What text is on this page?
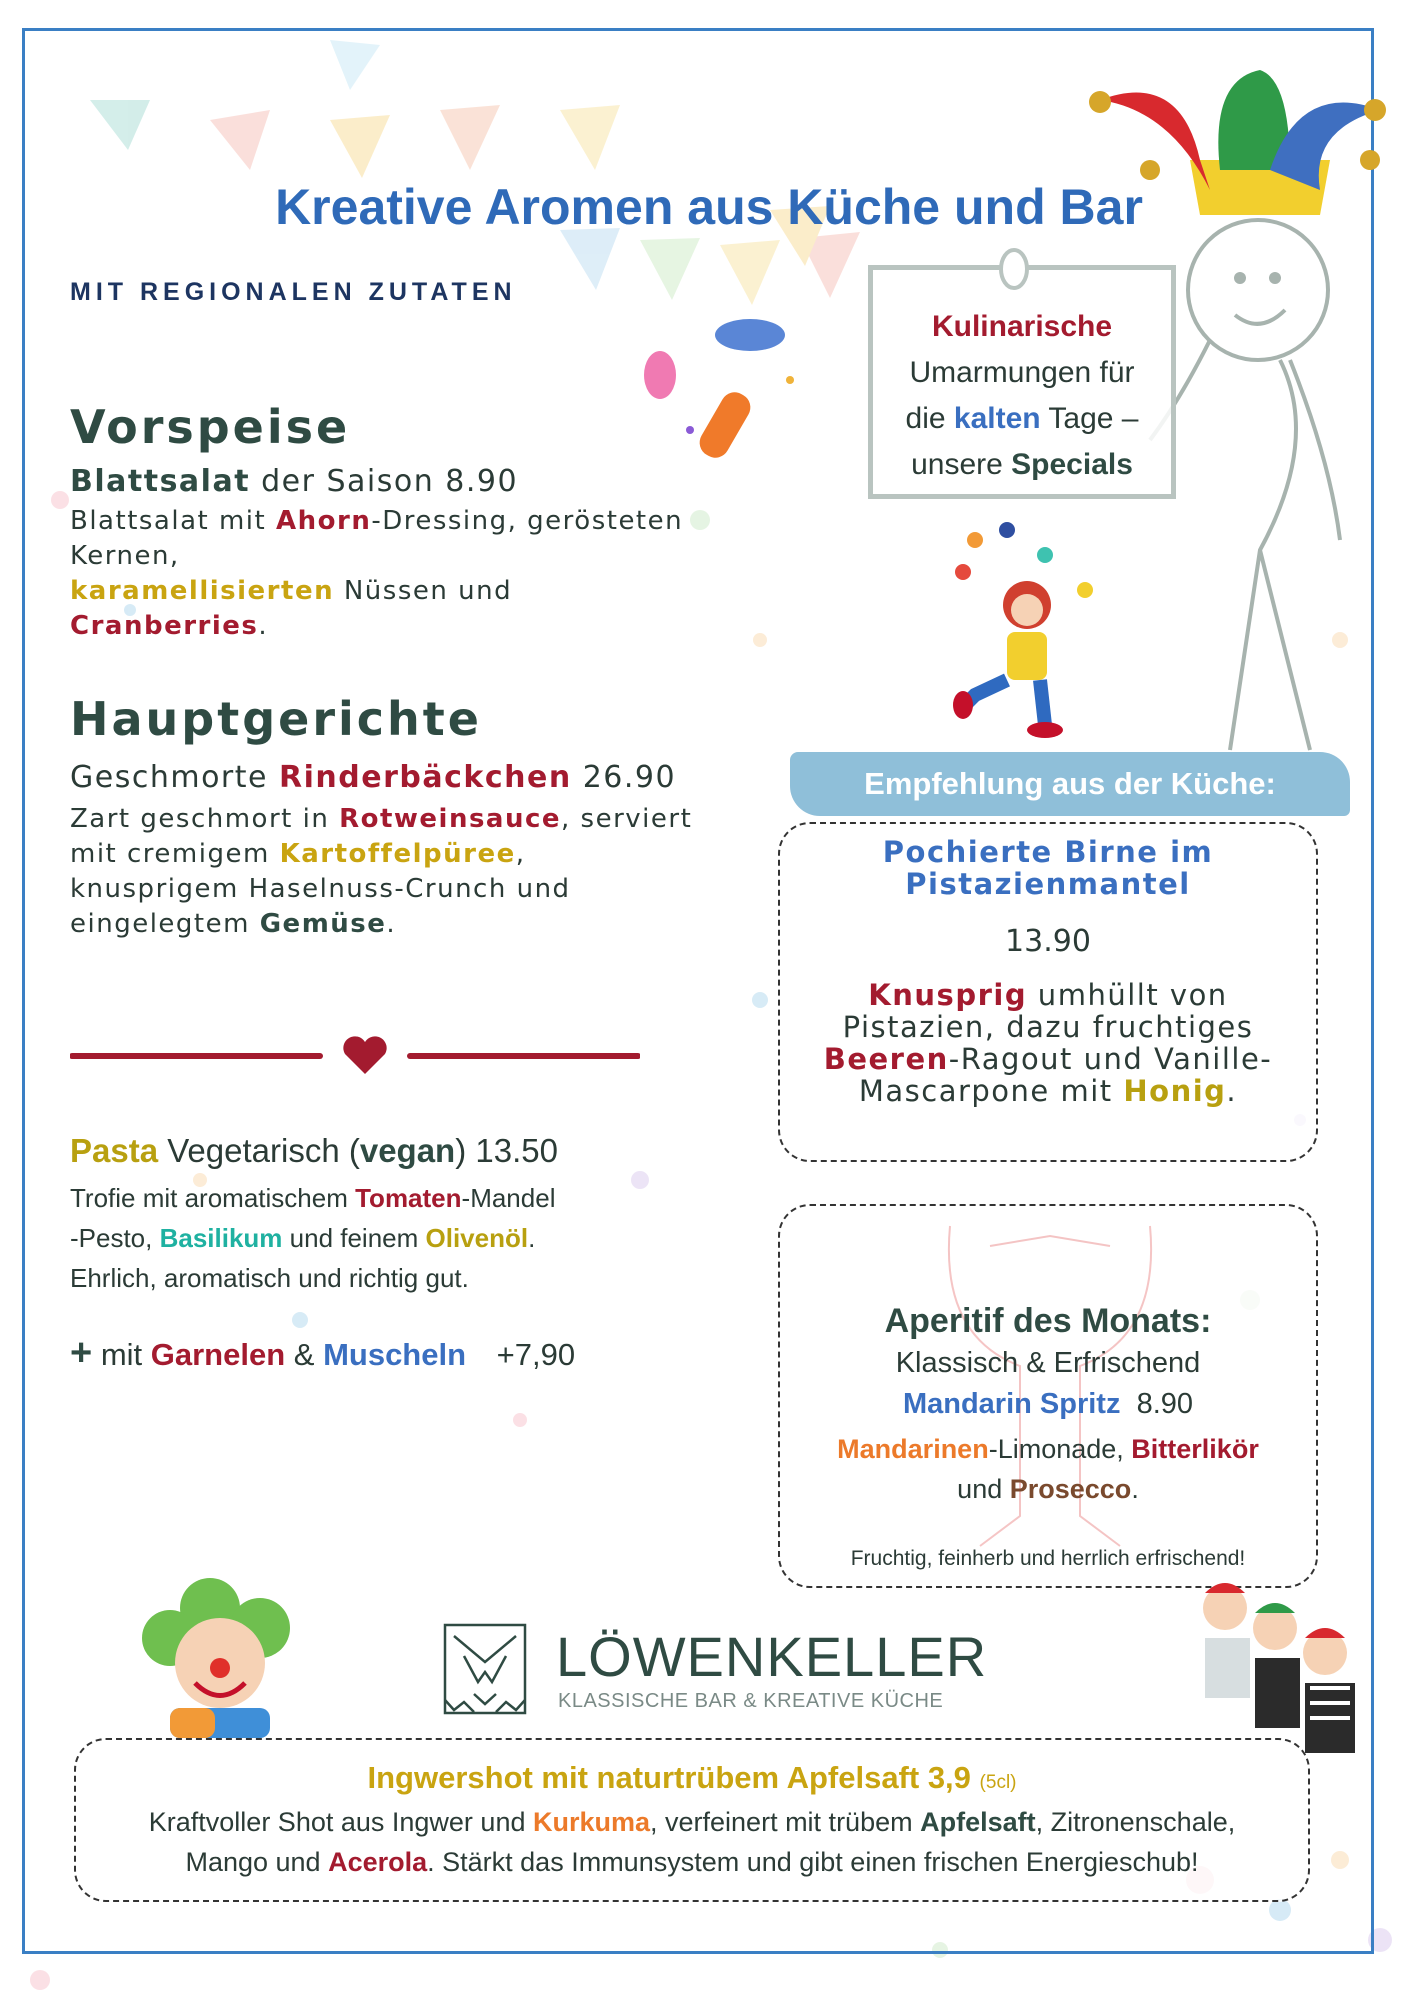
Kreative Aromen aus Küche und Bar
MIT REGIONALEN ZUTATEN
Kulinarische
Umarmungen für
die kalten Tage –
unsere Specials
Vorspeise
Blattsalat der Saison 8.90
Blattsalat mit Ahorn-Dressing, gerösteten
Kernen,
karamellisierten Nüssen und
Cranberries.
Hauptgerichte
Geschmorte Rinderbäckchen 26.90
Zart geschmort in Rotweinsauce, serviert
mit cremigem Kartoffelpüree,
knusprigem Haselnuss-Crunch und
eingelegtem Gemüse.
Pasta Vegetarisch (vegan) 13.50
Trofie mit aromatischem Tomaten-Mandel
-Pesto, Basilikum und feinem Olivenöl.
Ehrlich, aromatisch und richtig gut.
+ mit Garnelen & Muscheln +7,90
Empfehlung aus der Küche:
Pochierte Birne im
Pistazienmantel
13.90
Knusprig umhüllt von
Pistazien, dazu fruchtiges
Beeren-Ragout und Vanille-
Mascarpone mit Honig.
Aperitif des Monats:
Klassisch & Erfrischend
Mandarin Spritz 8.90
Mandarinen-Limonade, Bitterlikör
und Prosecco.
Fruchtig, feinherb und herrlich erfrischend!
LÖWENKELLER
KLASSISCHE BAR & KREATIVE KÜCHE
Ingwershot mit naturtrübem Apfelsaft 3,9 (5cl)
Kraftvoller Shot aus Ingwer und Kurkuma, verfeinert mit trübem Apfelsaft, Zitronenschale,
Mango und Acerola. Stärkt das Immunsystem und gibt einen frischen Energieschub!
